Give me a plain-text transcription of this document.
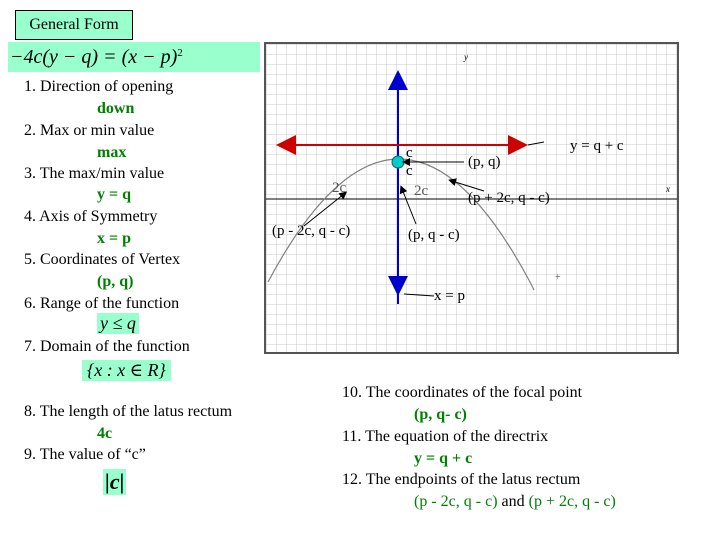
General Form
$-4c(y - q) = (x - p)^2$
1. Direction of opening
down
2. Max or min value
max
3. The max/min value
y = q
4. Axis of Symmetry
x = p
5. Coordinates of Vertex
(p, q)
6. Range of the function
y ≤ q
7. Domain of the function
{x : x ∈ R}
8. The length of the latus rectum
4c
9. The value of “c”
|c|
10. The coordinates of the focal point
(p, q- c)
11. The equation of the directrix
y = q + c
12. The endpoints of the latus rectum
(p - 2c, q - c) and (p + 2c, q - c)
y
x
c
c
2c	2c
y = q + c
(p, q)
(p + 2c, q - c)
(p - 2c, q - c)	(p, q - c)
x = p
+
